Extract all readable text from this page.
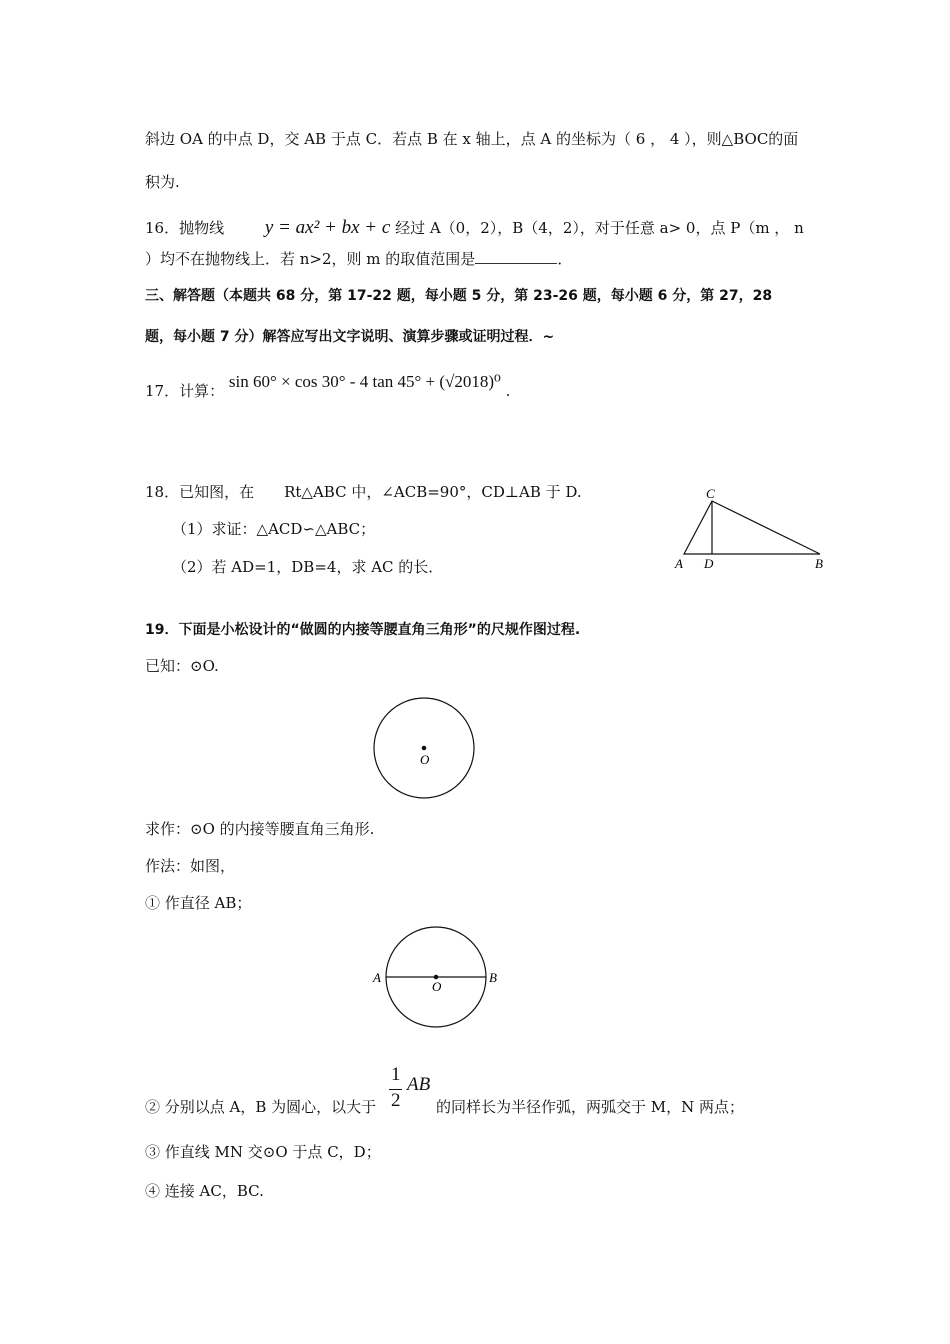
斜边 OA 的中点 D，交 AB 于点 C．若点 B 在 x 轴上，点 A 的坐标为（ 6 ， 4 ），则△BOC的面
积为.
16．抛物线 y = ax² + bx + c 经过 A（0，2），B（4，2），对于任意 a> 0，点 P（m ， n
）均不在抛物线上．若 n>2，则 m 的取值范围是	．
三、解答题（本题共 68 分，第 17-22 题，每小题 5 分，第 23-26 题，每小题 6 分，第 27，28
题，每小题 7 分）解答应写出文字说明、演算步骤或证明过程．~
17．计算： sin 60° × cos 30° - 4 tan 45° + (√2018)⁰ .
18．已知图，在　　Rt△ABC 中，∠ACB=90°，CD⊥AB 于 D.
（1）求证：△ACD∽△ABC；
（2）若 AD=1，DB=4，求 AC 的长．
C
A D	B
19．下面是小松设计的“做圆的内接等腰直角三角形”的尺规作图过程.
已知：⊙O.
O
求作：⊙O 的内接等腰直角三角形.
作法：如图，
① 作直径 AB；
A	B
O
② 分别以点 A，B 为圆心，以大于
1
2
AB
的同样长为半径作弧，两弧交于 M，N 两点；
③ 作直线 MN 交⊙O 于点 C，D；
④ 连接 AC，BC.
